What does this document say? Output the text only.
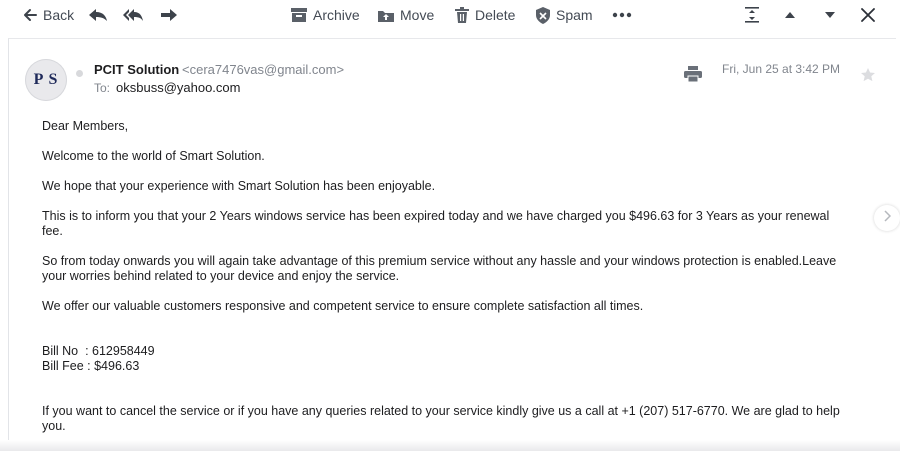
Back	Archive	Move	Delete	Spam
P S
PCIT Solution <cera7476vas@gmail.com>
To: oksbuss@yahoo.com
Fri, Jun 25 at 3:42 PM
Dear Members,
Welcome to the world of Smart Solution.
We hope that your experience with Smart Solution has been enjoyable.
This is to inform you that your 2 Years windows service has been expired today and we have charged you $496.63 for 3 Years as your renewal fee.
So from today onwards you will again take advantage of this premium service without any hassle and your windows protection is enabled.Leave your worries behind related to your device and enjoy the service.
We offer our valuable customers responsive and competent service to ensure complete satisfaction all times.
Bill No  : 612958449
Bill Fee : $496.63
If you want to cancel the service or if you have any queries related to your service kindly give us a call at +1 (207) 517-6770. We are glad to help you.
